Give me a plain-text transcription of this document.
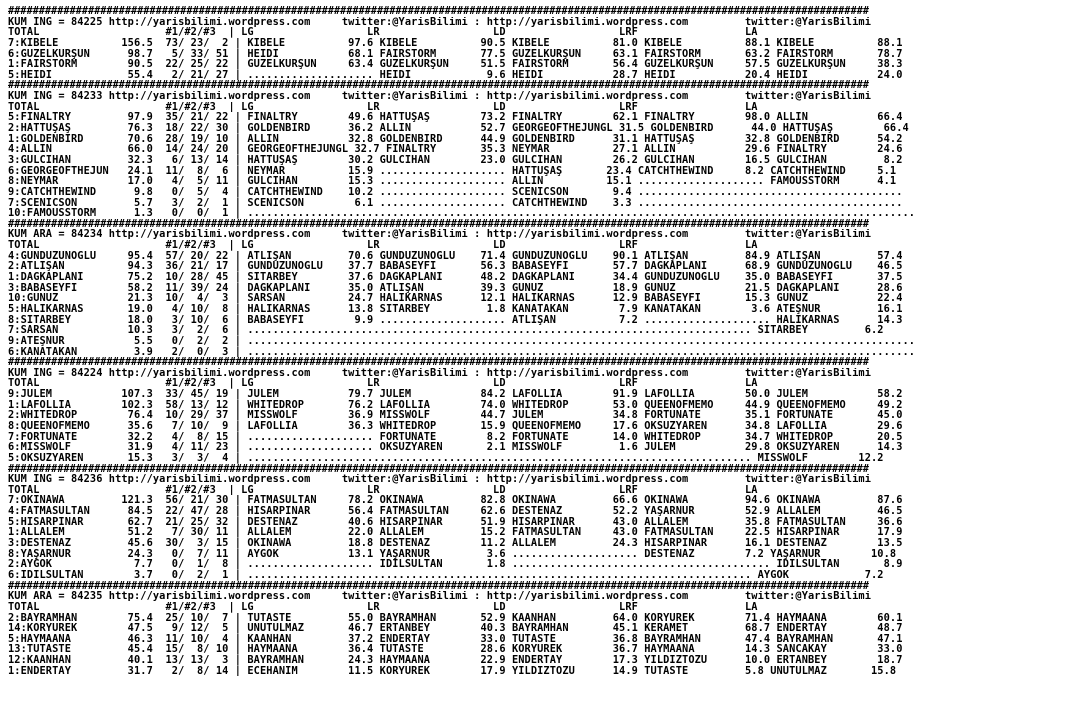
############################################################################################################################################
KUM ING = 84225 http://yarisbilimi.wordpress.com     twitter:@YarisBilimi : http://yarisbilimi.wordpress.com         twitter:@YarisBilimi
TOTAL                    #1/#2/#3  | LG                  LR                  LD                  LRF                 LA
7:KİBELE          156.5  73/ 23/  2 | KİBELE          97.6 KİBELE          90.5 KİBELE          81.0 KİBELE          88.1 KİBELE          88.1
6:GÜZELKURŞUN      98.7   5/ 33/ 51 | HEIDI           68.1 FAIRSTORM       77.5 GÜZELKURŞUN     63.1 FAIRSTORM       63.2 FAIRSTORM       78.7
1:FAIRSTORM        90.5  22/ 25/ 22 | GÜZELKURŞUN     63.4 GÜZELKURŞUN     51.5 FAIRSTORM       56.4 GÜZELKURŞUN     57.5 GÜZELKURŞUN     38.3
5:HEIDI            55.4   2/ 21/ 27 | .................... HEIDI            9.6 HEIDI           28.7 HEIDI           20.4 HEIDI           24.0
############################################################################################################################################
KUM ING = 84233 http://yarisbilimi.wordpress.com     twitter:@YarisBilimi : http://yarisbilimi.wordpress.com         twitter:@YarisBilimi
TOTAL                    #1/#2/#3  | LG                  LR                  LD                  LRF                 LA
5:FINALTRY         97.9  35/ 21/ 22 | FINALTRY        49.6 HATTUŞAŞ        73.2 FINALTRY        62.1 FINALTRY        98.0 ALLIN           66.4
2:HATTUŞAŞ         76.3  18/ 22/ 30 | GOLDENBIRD      36.2 ALLIN           52.7 GEORGEOFTHEJUNGL 31.5 GOLDENBIRD      44.0 HATTUŞAŞ        66.4
1:GOLDENBIRD       70.6  28/ 19/ 10 | ALLIN           32.8 GOLDENBIRD      44.9 GOLDENBIRD      31.1 HATTUŞAŞ        32.8 GOLDENBIRD      54.2
4:ALLIN            66.0  14/ 24/ 20 | GEORGEOFTHEJUNGL 32.7 FINALTRY       35.3 NEYMAR          27.1 ALLIN           29.6 FINALTRY        24.6
3:GÜLCİHAN         32.3   6/ 13/ 14 | HATTUŞAŞ        30.2 GÜLCİHAN        23.0 GÜLCİHAN        26.2 GÜLCİHAN        16.5 GÜLCİHAN         8.2
6:GEORGEOFTHEJUN   24.1  11/  8/  6 | NEYMAR          15.9 .................... HATTUŞAŞ       23.4 CATCHTHEWIND     8.2 CATCHTHEWIND     5.1
8:NEYMAR           17.0   4/  5/ 11 | GÜLCİHAN        15.3 .................... ALLIN          15.1 .................... FAMOUSSTORM      4.1
9:CATCHTHEWIND      9.8   0/  5/  4 | CATCHTHEWIND    10.2 .................... SCENICSON       9.4 ..........................................
7:SCENICSON         5.7   3/  2/  1 | SCENICSON        6.1 .................... CATCHTHEWIND    3.3 ..........................................
10:FAMOUSSTORM      1.3   0/  0/  1 | ..........................................................................................................
############################################################################################################################################
KUM ARA = 84234 http://yarisbilimi.wordpress.com     twitter:@YarisBilimi : http://yarisbilimi.wordpress.com         twitter:@YarisBilimi
TOTAL                    #1/#2/#3  | LG                  LR                  LD                  LRF                 LA
4:GÜNDÜZÜNOĞLU     95.4  57/ 20/ 22 | ATLIŞAN         70.6 GÜNDÜZÜNOĞLU    71.4 GÜNDÜZÜNOĞLU    90.1 ATLIŞAN         84.9 ATLIŞAN         57.4
2:ATLIŞAN          94.3  36/ 21/ 17 | GÜNDÜZÜNOĞLU    37.7 BABASEYFİ       56.3 BABASEYFİ       57.7 DAĞKAPLANI      68.9 GÜNDÜZÜNOĞLU    46.5
1:DAĞKAPLANI       75.2  10/ 28/ 45 | SİTARBEY        37.6 DAĞKAPLANI      48.2 DAĞKAPLANI      34.4 GÜNDÜZÜNOĞLU    35.0 BABASEYFİ       37.5
3:BABASEYFİ        58.2  11/ 39/ 24 | DAĞKAPLANI      35.0 ATLIŞAN         39.3 GÜNÜZ           18.9 GÜNÜZ           21.5 DAĞKAPLANI      28.6
10:GÜNÜZ           21.3  10/  4/  3 | SARSAN          24.7 HALİKARNAS      12.1 HALİKARNAS      12.9 BABASEYFİ       15.3 GÜNÜZ           22.4
5:HALİKARNAS       19.0   4/ 10/  8 | HALİKARNAS      13.8 SİTARBEY         1.8 KANATAKAN        7.9 KANATAKAN        3.6 ATEŞNUR         16.1
8:SİTARBEY         18.0   3/ 10/  6 | BABASEYFİ        9.9 .................... ATLIŞAN          7.2 .................... HALİKARNAS      14.3
7:SARSAN           10.3   3/  2/  6 | ................................................................................ SİTARBEY         6.2
9:ATEŞNUR           5.5   0/  2/  2 | ..........................................................................................................
6:KANATAKAN         3.9   2/  0/  3 | ..........................................................................................................
############################################################################################################################################
KUM ING = 84224 http://yarisbilimi.wordpress.com     twitter:@YarisBilimi : http://yarisbilimi.wordpress.com         twitter:@YarisBilimi
TOTAL                    #1/#2/#3  | LG                  LR                  LD                  LRF                 LA
9:JULEM           107.3  33/ 45/ 19 | JULEM           79.7 JULEM           84.2 LAFOLLIA        91.9 LAFOLLIA        50.0 JULEM           58.2
1:LAFOLLIA        102.3  58/ 13/ 12 | WHITEDROP       76.2 LAFOLLIA        74.0 WHITEDROP       53.0 QUEENOFMEMO     44.9 QUEENOFMEMO     49.2
2:WHITEDROP        76.4  10/ 29/ 37 | MISSWOLF        36.9 MISSWOLF        44.7 JULEM           34.8 FORTUNATE       35.1 FORTUNATE       45.0
8:QUEENOFMEMO      35.6   7/ 10/  9 | LAFOLLIA        36.3 WHITEDROP       15.9 QUEENOFMEMO     17.6 ÖKSÜZYAREN      34.8 LAFOLLIA        29.6
7:FORTUNATE        32.2   4/  8/ 15 | .................... FORTUNATE        8.2 FORTUNATE       14.0 WHITEDROP       34.7 WHITEDROP       20.5
6:MISSWOLF         31.9   4/ 11/ 23 | .................... ÖKSÜZYAREN       2.1 MISSWOLF         1.6 JULEM           29.8 ÖKSÜZYAREN      14.3
5:ÖKSÜZYAREN       15.3   3/  3/  4 | ................................................................................ MISSWOLF        12.2
############################################################################################################################################
KUM ING = 84236 http://yarisbilimi.wordpress.com     twitter:@YarisBilimi : http://yarisbilimi.wordpress.com         twitter:@YarisBilimi
TOTAL                    #1/#2/#3  | LG                  LR                  LD                  LRF                 LA
7:OKİNAWA         121.3  56/ 21/ 30 | FATMASULTAN     78.2 OKİNAWA         82.8 OKİNAWA         66.6 OKİNAWA         94.6 OKİNAWA         87.6
4:FATMASULTAN      84.5  22/ 47/ 28 | HİSARPINAR      56.4 FATMASULTAN     62.6 DESTENAZ        52.2 YAŞARNUR        52.9 ALLALEM         46.5
5:HİSARPINAR       62.7  21/ 25/ 32 | DESTENAZ        40.6 HİSARPINAR      51.9 HİSARPINAR      43.0 ALLALEM         35.8 FATMASULTAN     36.6
1:ALLALEM          51.2   7/ 30/ 11 | ALLALEM         22.0 ALLALEM         15.2 FATMASULTAN     43.0 FATMASULTAN     22.5 HİSARPINAR      17.9
3:DESTENAZ         45.6  30/  3/ 15 | OKİNAWA         18.8 DESTENAZ        11.2 ALLALEM         24.3 HİSARPINAR      16.1 DESTENAZ        13.5
8:YAŞARNUR         24.3   0/  7/ 11 | AYGÖK           13.1 YAŞARNUR         3.6 .................... DESTENAZ        7.2 YAŞARNUR        10.8
2:AYGÖK             7.7   0/  1/  8 | .................... İDİLSULTAN       1.8 ......................................... İDİLSULTAN       8.9
6:İDİLSULTAN        3.7   0/  2/  1 | ................................................................................ AYGÖK            7.2
############################################################################################################################################
KUM ARA = 84235 http://yarisbilimi.wordpress.com     twitter:@YarisBilimi : http://yarisbilimi.wordpress.com         twitter:@YarisBilimi
TOTAL                    #1/#2/#3  | LG                  LR                  LD                  LRF                 LA
2:BAYRAMHAN        75.4  25/ 10/  7 | TUTASTE         55.0 BAYRAMHAN       52.9 KAANHAN         64.0 KORYÜREK        71.4 HAYMAANA        60.1
14:KORYÜREK        47.5   9/ 12/  5 | UNUTULMAZ       46.7 ERTANBEY        40.3 BAYRAMHAN       45.1 KERAMET         68.7 ENDERTAY        48.7
5:HAYMAANA         46.3  11/ 10/  4 | KAANHAN         37.2 ENDERTAY        33.0 TUTASTE         36.8 BAYRAMHAN       47.4 BAYRAMHAN       47.1
13:TUTASTE         45.4  15/  8/ 10 | HAYMAANA        36.4 TUTASTE         28.6 KORYÜREK        36.7 HAYMAANA        14.3 SANCAKAY        33.0
12:KAANHAN         40.1  13/ 13/  3 | BAYRAMHAN       24.3 HAYMAANA        22.9 ENDERTAY        17.3 YILDIZTOZU      10.0 ERTANBEY        18.7
1:ENDERTAY         31.7   2/  8/ 14 | ECEHANIM        11.5 KORYÜREK        17.9 YILDIZTOZU      14.9 TUTASTE         5.8 UNUTULMAZ       15.8
